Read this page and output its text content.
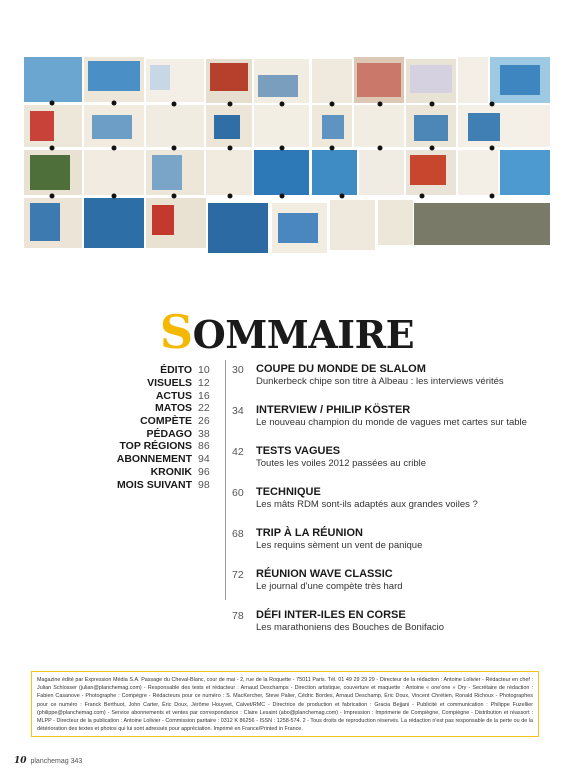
SOMMAIRE
ÉDITO 10
VISUELS 12
ACTUS 16
MATOS 22
COMPÈTE 26
PÉDAGO 38
TOP RÉGIONS 86
ABONNEMENT 94
KRONIK 96
MOIS SUIVANT 98
30	COUPE DU MONDE DE SLALOM
Dunkerbeck chipe son titre à Albeau : les interviews vérités
34	INTERVIEW / PHILIP KÖSTER
Le nouveau champion du monde de vagues met cartes sur table
42	TESTS VAGUES
Toutes les voiles 2012 passées au crible
60	TECHNIQUE
Les mâts RDM sont-ils adaptés aux grandes voiles ?
68	TRIP À LA RÉUNION
Les requins sèment un vent de panique
72	RÉUNION WAVE CLASSIC
Le journal d'une compète très hard
78	DÉFI INTER-ILES EN CORSE
Les marathoniens des Bouches de Bonifacio
Magazine édité par Expression Média S.A. Passage du Cheval-Blanc, cour de mai - 2, rue de la Roquette - 75011 Paris. Tél. 01 49 29 29 29 - Directeur de la rédaction : Antoine Lolivier - Rédacteur en chef : Julian Schlosser (julian@planchemag.com) - Responsable des tests et rédacteur : Arnaud Deschamps - Direction artistique, couverture et maquette : Antoine « one'one » Ory - Secrétaire de rédaction : Fabien Casanove - Photographe : Compègre - Rédacteurs pour ce numéro : S. MacKercher, Steve Palier, Cédric Bordes, Arnaud Deschamp, Éric Doux, Vincent Chrétien, Ronald Richoux - Photographes pour ce numéro : Franck Berthuot, John Carter, Éric Doux, Jérôme Houyvet, Calvet/RMC - Directrice de production et fabrication : Gracia Bejjani - Publicité et communication : Philippe Fuzellier (philippe@planchemag.com) - Service abonnements et ventes par correspondance : Claire Lesaint (abo@planchemag.com) - Impression : Imprimerie de Compiègne, Compiègne - Distribution et réassort : MLPP - Directeur de la publication : Antoine Lolivier - Commission paritaire : 0312 K 86256 - ISSN : 1258-574. 2 - Tous droits de reproduction réservés. La rédaction n'est pas responsable de la perte ou de la détérioration des textes et photos qui lui sont adressés pour appréciation. Imprimé en France/Printed in France.
10 planchemag 343
